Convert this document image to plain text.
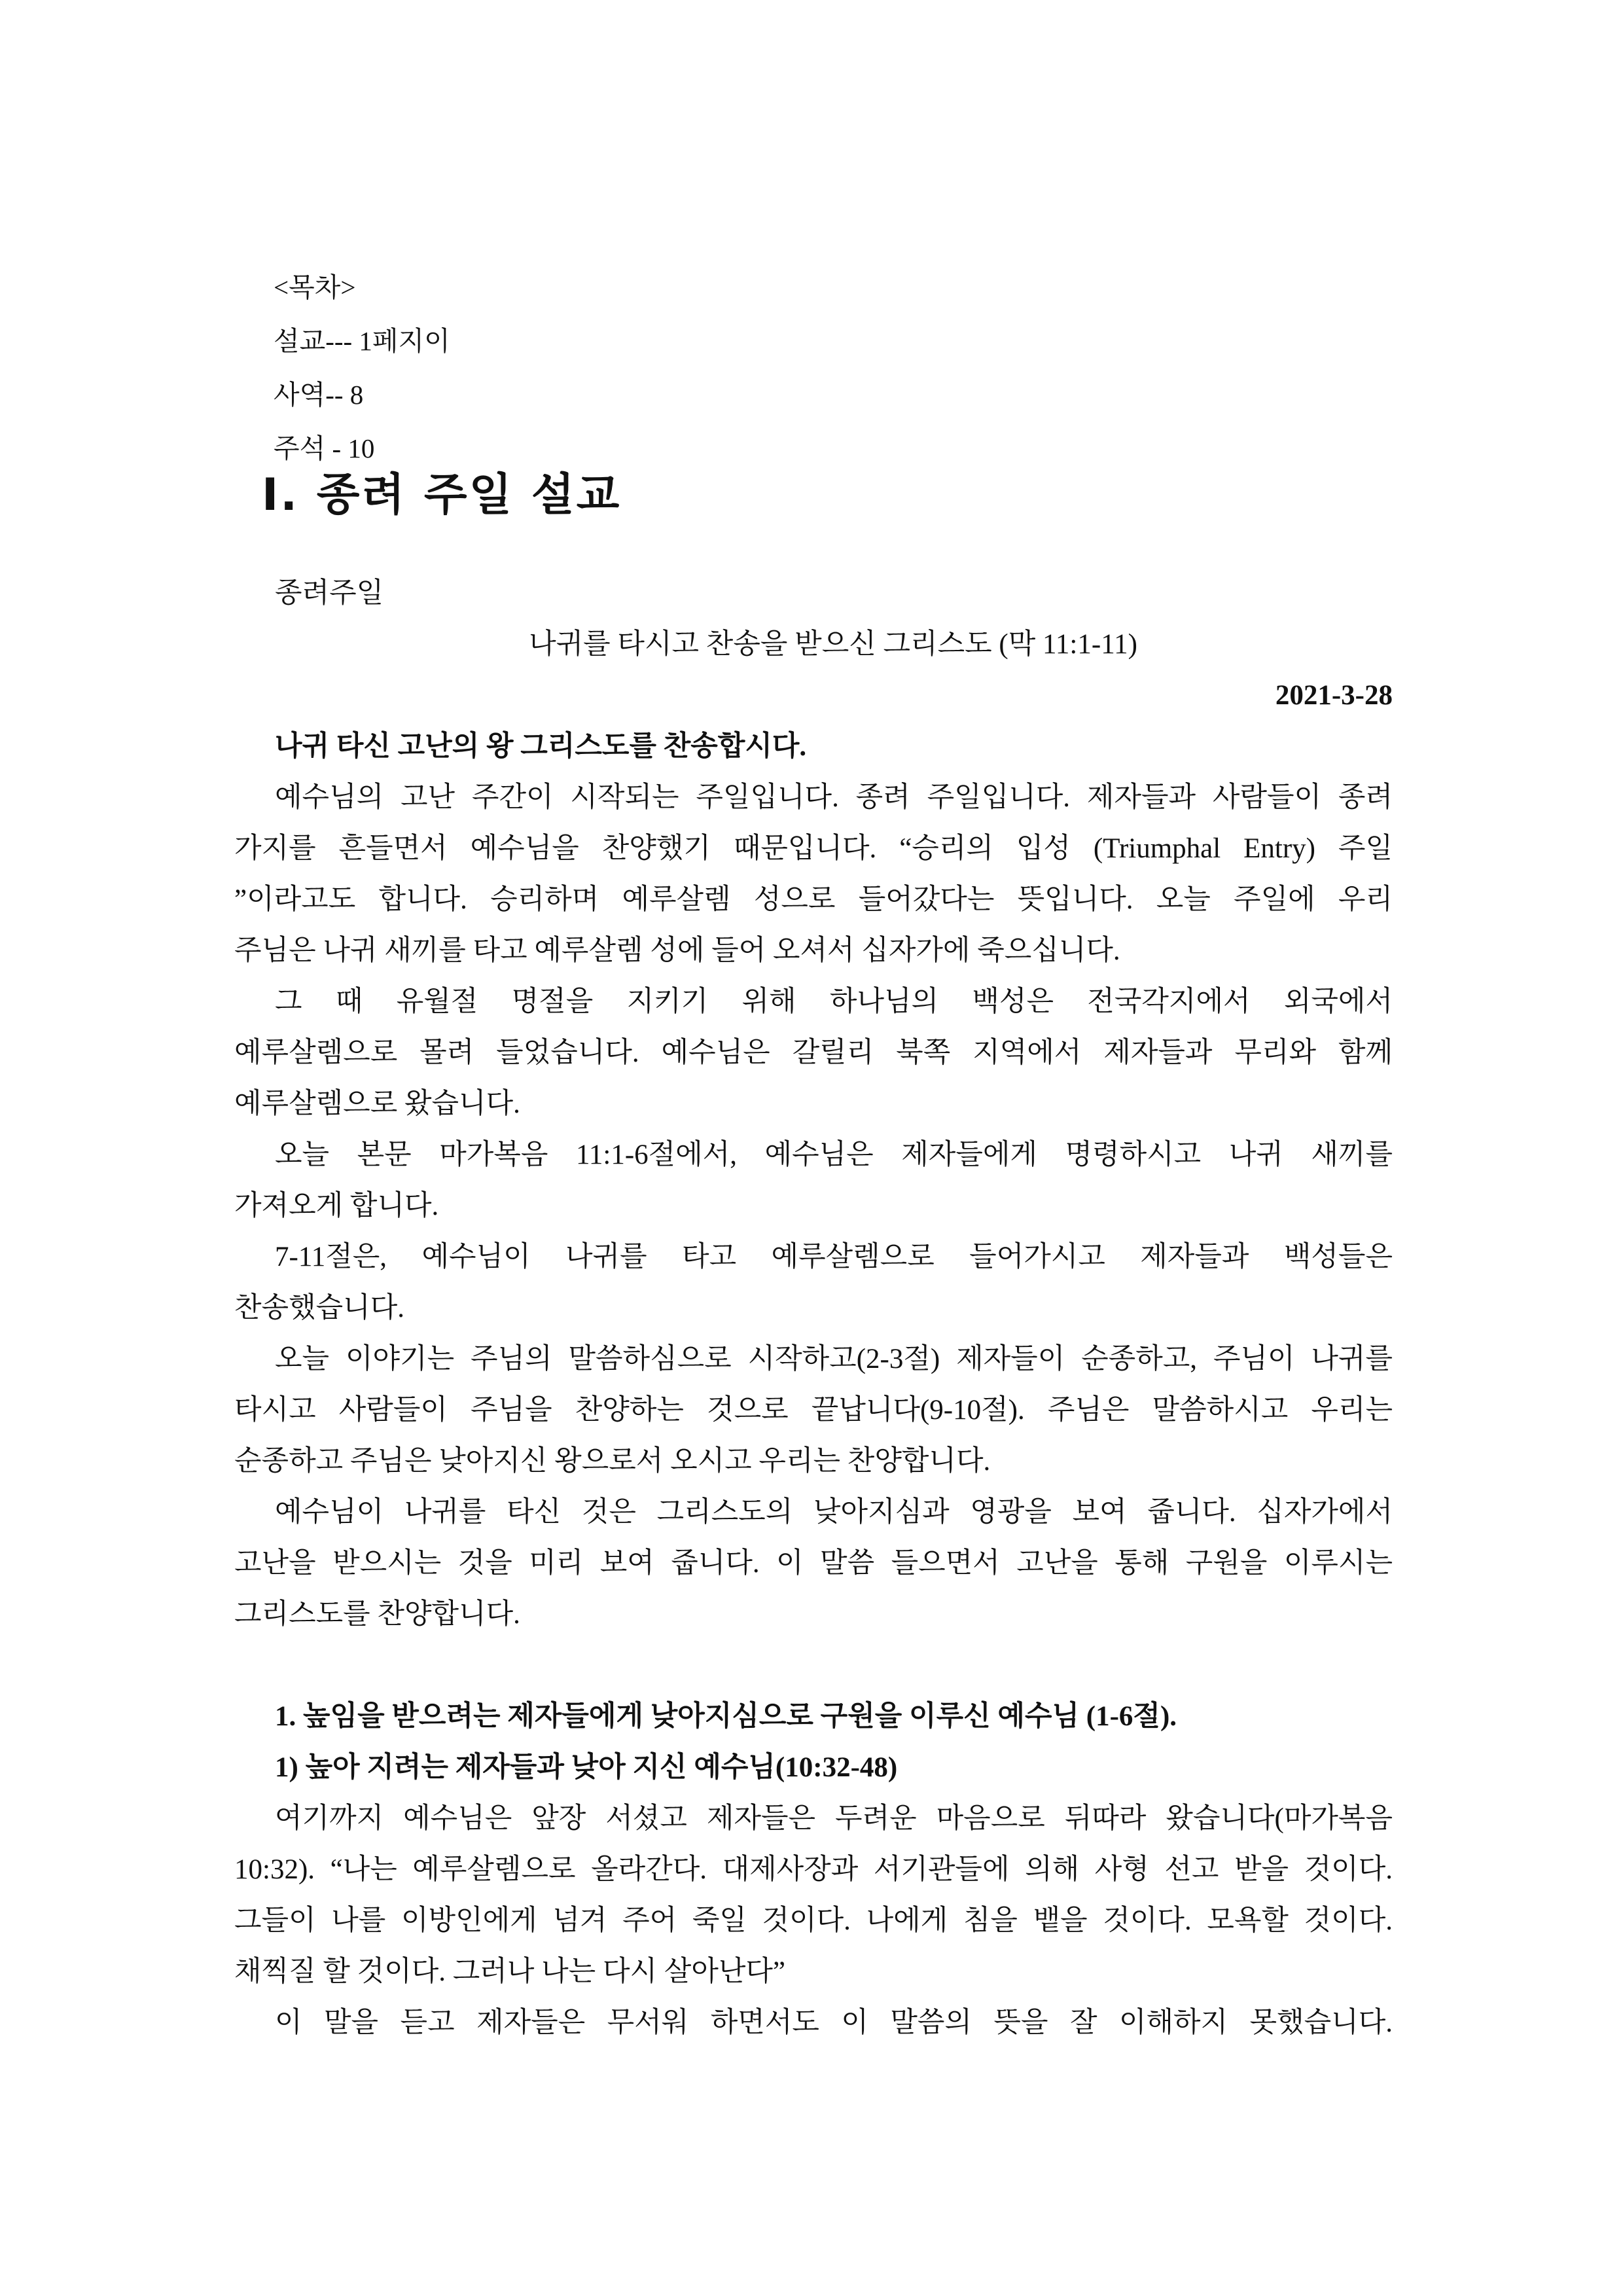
<목차>
설교--- 1페지이
사역-- 8
주석 - 10
I. 종려 주일 설교
종려주일
나귀를 타시고 찬송을 받으신 그리스도 (막 11:1-11)
2021-3-28
나귀 타신 고난의 왕 그리스도를 찬송합시다.
예수님의 고난 주간이 시작되는 주일입니다. 종려 주일입니다. 제자들과 사람들이 종려
가지를 흔들면서 예수님을 찬양했기 때문입니다. “승리의 입성 (Triumphal Entry) 주일
”이라고도 합니다. 승리하며 예루살렘 성으로 들어갔다는 뜻입니다. 오늘 주일에 우리
주님은 나귀 새끼를 타고 예루살렘 성에 들어 오셔서 십자가에 죽으십니다.
그 때 유월절 명절을 지키기 위해 하나님의 백성은 전국각지에서 외국에서
예루살렘으로 몰려 들었습니다. 예수님은 갈릴리 북쪽 지역에서 제자들과 무리와 함께
예루살렘으로 왔습니다.
오늘 본문 마가복음 11:1-6절에서, 예수님은 제자들에게 명령하시고 나귀 새끼를
가져오게 합니다.
7-11절은, 예수님이 나귀를 타고 예루살렘으로 들어가시고 제자들과 백성들은
찬송했습니다.
오늘 이야기는 주님의 말씀하심으로 시작하고(2-3절) 제자들이 순종하고, 주님이 나귀를
타시고 사람들이 주님을 찬양하는 것으로 끝납니다(9-10절). 주님은 말씀하시고 우리는
순종하고 주님은 낮아지신 왕으로서 오시고 우리는 찬양합니다.
예수님이 나귀를 타신 것은 그리스도의 낮아지심과 영광을 보여 줍니다. 십자가에서
고난을 받으시는 것을 미리 보여 줍니다. 이 말씀 들으면서 고난을 통해 구원을 이루시는
그리스도를 찬양합니다.
1. 높임을 받으려는 제자들에게 낮아지심으로 구원을 이루신 예수님 (1-6절).
1) 높아 지려는 제자들과 낮아 지신 예수님(10:32-48)
여기까지 예수님은 앞장 서셨고 제자들은 두려운 마음으로 뒤따라 왔습니다(마가복음
10:32). “나는 예루살렘으로 올라간다. 대제사장과 서기관들에 의해 사형 선고 받을 것이다.
그들이 나를 이방인에게 넘겨 주어 죽일 것이다. 나에게 침을 뱉을 것이다. 모욕할 것이다.
채찍질 할 것이다. 그러나 나는 다시 살아난다”
이 말을 듣고 제자들은 무서워 하면서도 이 말씀의 뜻을 잘 이해하지 못했습니다.
